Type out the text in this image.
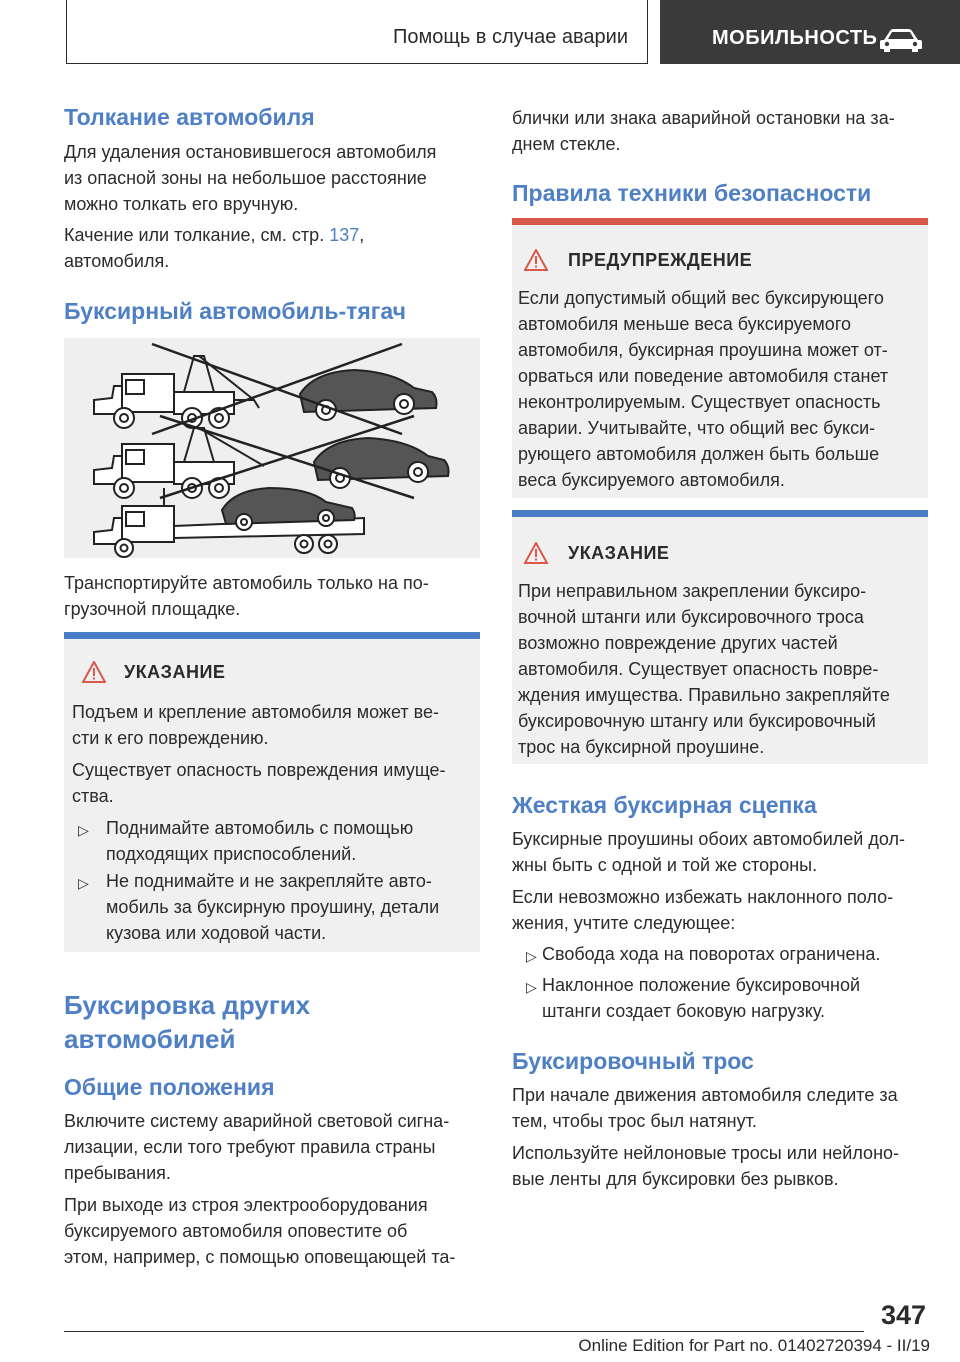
Помощь в случае аварии	МОБИЛЬНОСТЬ
Толкание автомобиля
Для удаления остановившегося автомобиля
из опасной зоны на небольшое расстояние
можно толкать его вручную.
Качение или толкание, см. стр. 137,
автомобиля.
Буксирный автомобиль-тягач
Транспортируйте автомобиль только на по‐
грузочной площадке.
УКАЗАНИЕ
Подъем и крепление автомобиля может ве‐
сти к его повреждению.
Существует опасность повреждения имуще‐
ства.
▷ Поднимайте автомобиль с помощью
подходящих приспособлений.
▷ Не поднимайте и не закрепляйте авто‐
мобиль за буксирную проушину, детали
кузова или ходовой части.
Буксировка других
автомобилей
Общие положения
Включите систему аварийной световой сигна‐
лизации, если того требуют правила страны
пребывания.
При выходе из строя электрооборудования
буксируемого автомобиля оповестите об
этом, например, с помощью оповещающей та‐
блички или знака аварийной остановки на за‐
днем стекле.
Правила техники безопасности
ПРЕДУПРЕЖДЕНИЕ
Если допустимый общий вес буксирующего
автомобиля меньше веса буксируемого
автомобиля, буксирная проушина может от‐
орваться или поведение автомобиля станет
неконтролируемым. Существует опасность
аварии. Учитывайте, что общий вес букси‐
рующего автомобиля должен быть больше
веса буксируемого автомобиля.
УКАЗАНИЕ
При неправильном закреплении буксиро‐
вочной штанги или буксировочного троса
возможно повреждение других частей
автомобиля. Существует опасность повре‐
ждения имущества. Правильно закрепляйте
буксировочную штангу или буксировочный
трос на буксирной проушине.
Жесткая буксирная сцепка
Буксирные проушины обоих автомобилей дол‐
жны быть с одной и той же стороны.
Если невозможно избежать наклонного поло‐
жения, учтите следующее:
▷ Свобода хода на поворотах ограничена.
▷ Наклонное положение буксировочной
штанги создает боковую нагрузку.
Буксировочный трос
При начале движения автомобиля следите за
тем, чтобы трос был натянут.
Используйте нейлоновые тросы или нейлоно‐
вые ленты для буксировки без рывков.
347
Online Edition for Part no. 01402720394 - II/19
